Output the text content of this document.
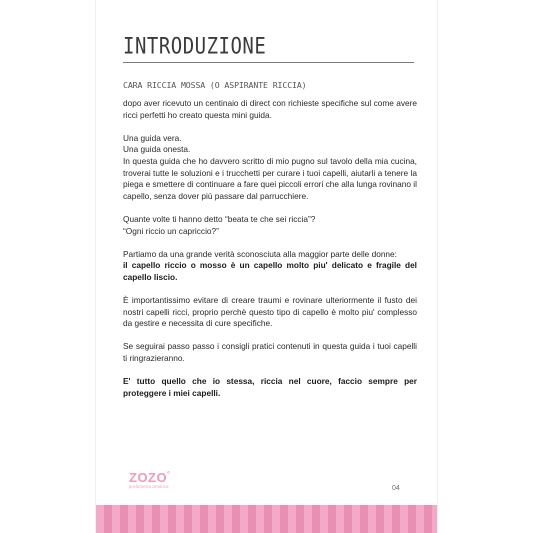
INTRODUZIONE
CARA RICCIA MOSSA (O ASPIRANTE RICCIA)

dopo aver ricevuto un centinaio di direct con richieste specifiche sul come avere ricci perfetti ho creato questa mini guida.

Una guida vera.

Una guida onesta.

In questa guida che ho davvero scritto di mio pugno sul tavolo della mia cucina, troverai tutte le soluzioni e i trucchetti per curare i tuoi capelli, aiutarli a tenere la piega e smettere di continuare a fare quei piccoli errori che alla lunga rovinano il capello, senza dover più passare dal parrucchiere.

Quante volte ti hanno detto “beata te che sei riccia”?

“Ogni riccio un capriccio?”

Partiamo da una grande verità sconosciuta alla maggior parte delle donne:
il capello riccio o mosso è un capello molto piu' delicato e fragile del capello liscio.

È importantissimo evitare di creare traumi e rovinare ulteriormente il fusto dei nostri capelli ricci, proprio perchè questo tipo di capello è molto piu' complesso da gestire e necessita di cure specifiche.

Se seguirai passo passo i consigli pratici contenuti in questa guida i tuoi capelli ti ringrazieranno.

E' tutto quello che io stessa, riccia nel cuore, faccio sempre per proteggere i miei capelli.

ZOZO°
profumeria artistica	04
